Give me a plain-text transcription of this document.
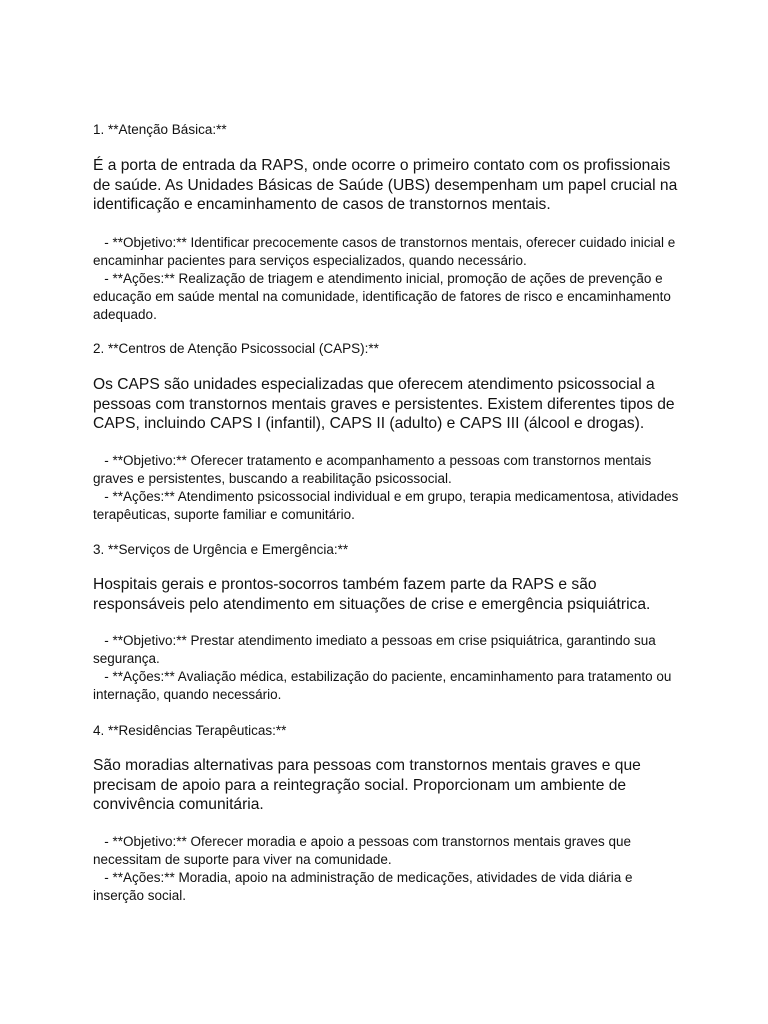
1. **Atenção Básica:**

É a porta de entrada da RAPS, onde ocorre o primeiro contato com os profissionais de saúde. As Unidades Básicas de Saúde (UBS) desempenham um papel crucial na identificação e encaminhamento de casos de transtornos mentais.

- **Objetivo:** Identificar precocemente casos de transtornos mentais, oferecer cuidado inicial e encaminhar pacientes para serviços especializados, quando necessário.

- **Ações:** Realização de triagem e atendimento inicial, promoção de ações de prevenção e educação em saúde mental na comunidade, identificação de fatores de risco e encaminhamento adequado.

2. **Centros de Atenção Psicossocial (CAPS):**

Os CAPS são unidades especializadas que oferecem atendimento psicossocial a pessoas com transtornos mentais graves e persistentes. Existem diferentes tipos de CAPS, incluindo CAPS I (infantil), CAPS II (adulto) e CAPS III (álcool e drogas).

- **Objetivo:** Oferecer tratamento e acompanhamento a pessoas com transtornos mentais graves e persistentes, buscando a reabilitação psicossocial.

- **Ações:** Atendimento psicossocial individual e em grupo, terapia medicamentosa, atividades terapêuticas, suporte familiar e comunitário.

3. **Serviços de Urgência e Emergência:**

Hospitais gerais e prontos-socorros também fazem parte da RAPS e são responsáveis pelo atendimento em situações de crise e emergência psiquiátrica.

- **Objetivo:** Prestar atendimento imediato a pessoas em crise psiquiátrica, garantindo sua segurança.

- **Ações:** Avaliação médica, estabilização do paciente, encaminhamento para tratamento ou internação, quando necessário.

4. **Residências Terapêuticas:**

São moradias alternativas para pessoas com transtornos mentais graves e que precisam de apoio para a reintegração social. Proporcionam um ambiente de convivência comunitária.

- **Objetivo:** Oferecer moradia e apoio a pessoas com transtornos mentais graves que necessitam de suporte para viver na comunidade.

- **Ações:** Moradia, apoio na administração de medicações, atividades de vida diária e inserção social.
